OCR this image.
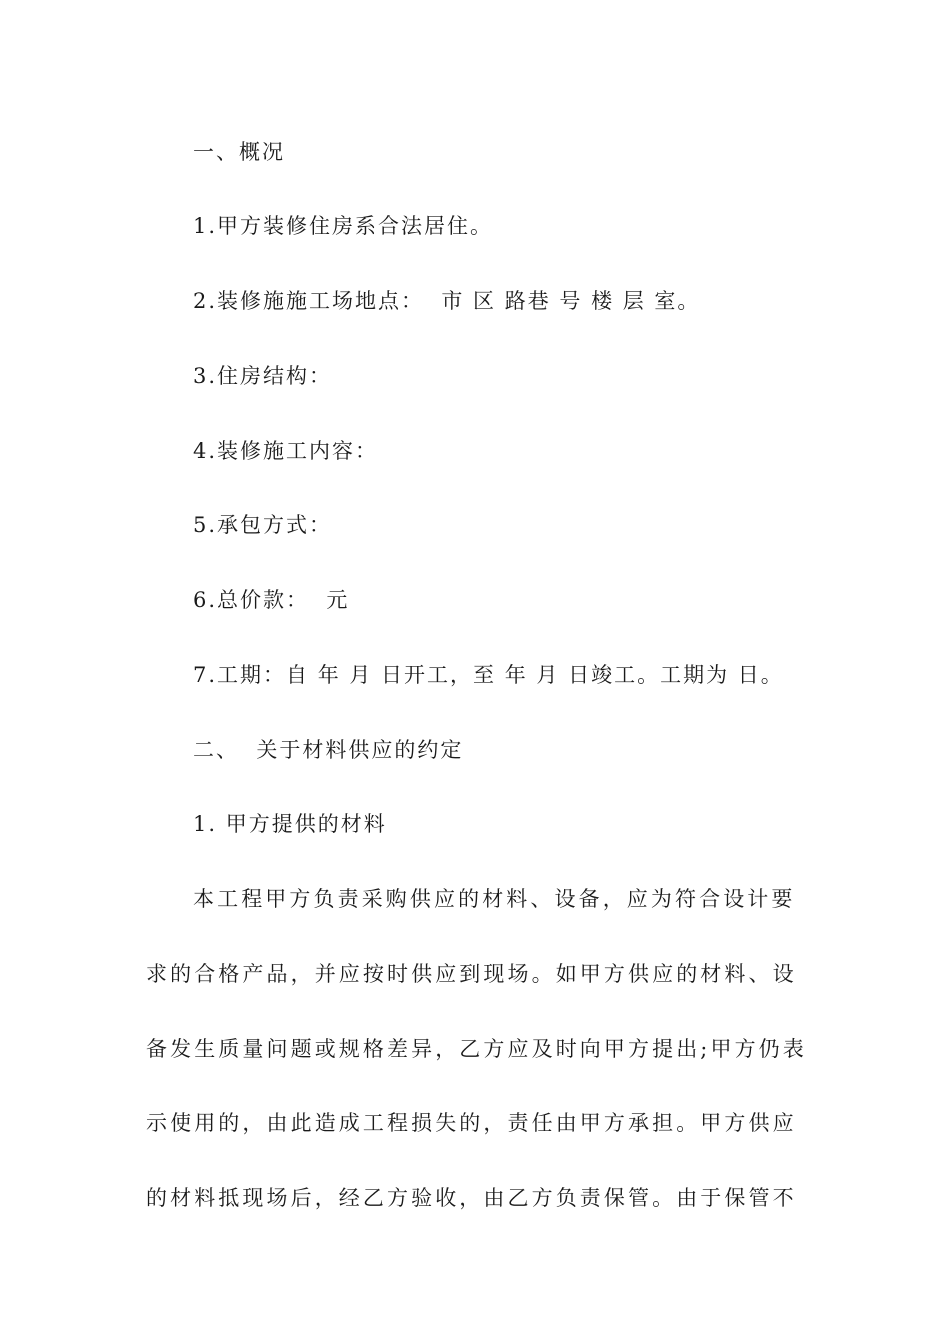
一、概况
1.甲方装修住房系合法居住。
2.装修施施工场地点：  市 区 路巷 号 楼 层 室。
3.住房结构：
4.装修施工内容：
5.承包方式：
6.总价款：  元
7.工期：自 年 月 日开工，至 年 月 日竣工。工期为 日。
二、  关于材料供应的约定
1. 甲方提供的材料
本工程甲方负责采购供应的材料、设备，应为符合设计要
求的合格产品，并应按时供应到现场。如甲方供应的材料、设
备发生质量问题或规格差异，乙方应及时向甲方提出;甲方仍表
示使用的，由此造成工程损失的，责任由甲方承担。甲方供应
的材料抵现场后，经乙方验收，由乙方负责保管。由于保管不
